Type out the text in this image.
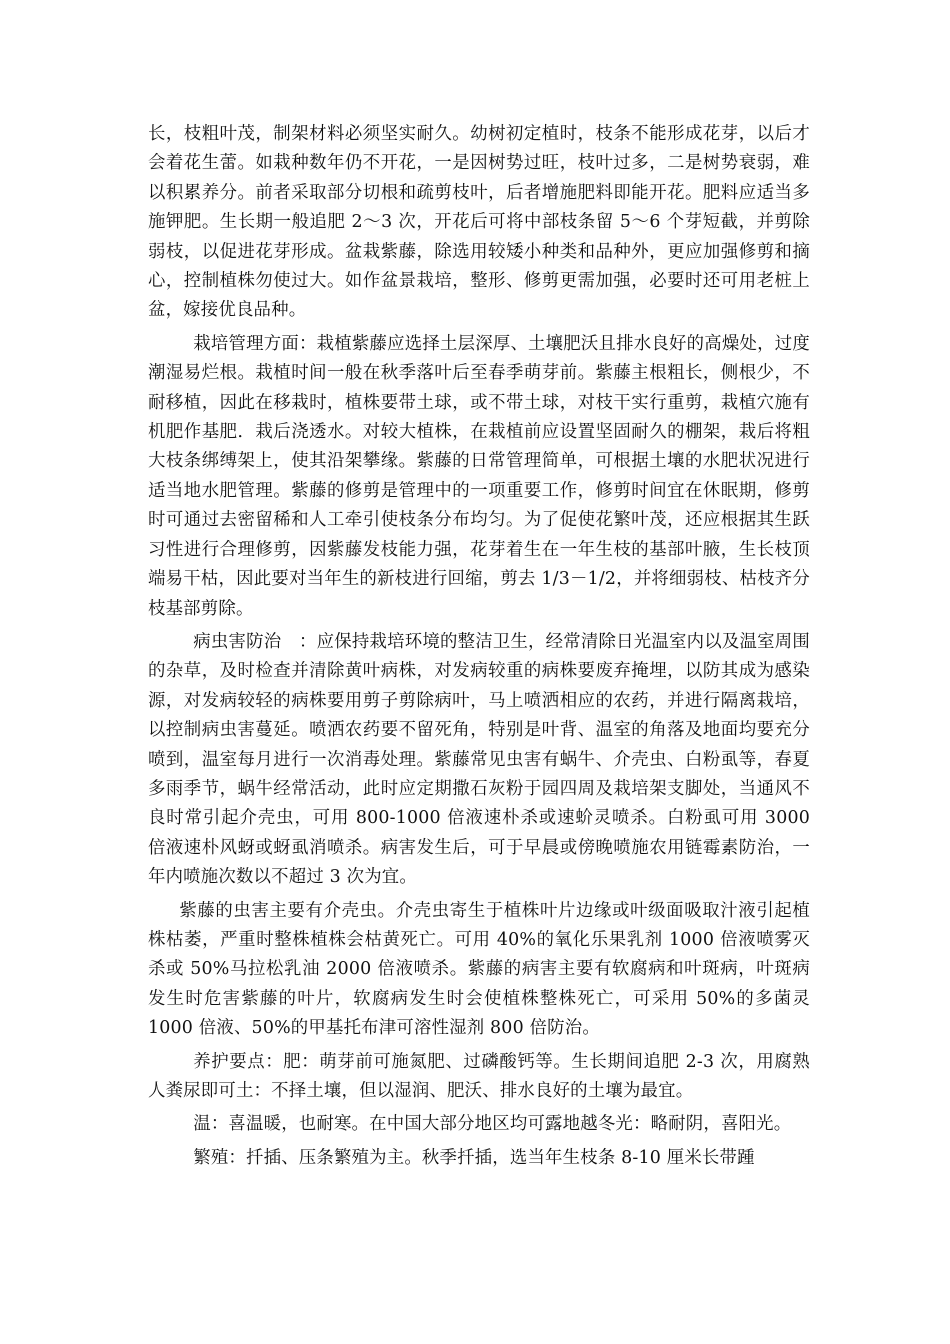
长，枝粗叶茂，制架材料必须坚实耐久。幼树初定植时，枝条不能形成花芽，以后才会着花生蕾。如栽种数年仍不开花，一是因树势过旺，枝叶过多，二是树势衰弱，难以积累养分。前者采取部分切根和疏剪枝叶，后者增施肥料即能开花。肥料应适当多施钾肥。生长期一般追肥 2～3 次，开花后可将中部枝条留 5～6 个芽短截，并剪除弱枝，以促进花芽形成。盆栽紫藤，除选用较矮小种类和品种外，更应加强修剪和摘心，控制植株勿使过大。如作盆景栽培，整形、修剪更需加强，必要时还可用老桩上盆，嫁接优良品种。

栽培管理方面：栽植紫藤应选择土层深厚、土壤肥沃且排水良好的高燥处，过度潮湿易烂根。栽植时间一般在秋季落叶后至春季萌芽前。紫藤主根粗长，侧根少，不耐移植，因此在移栽时，植株要带土球，或不带土球，对枝干实行重剪，栽植穴施有机肥作基肥．栽后浇透水。对较大植株，在栽植前应设置坚固耐久的棚架，栽后将粗大枝条绑缚架上，使其沿架攀缘。紫藤的日常管理简单，可根据土壤的水肥状况进行适当地水肥管理。紫藤的修剪是管理中的一项重要工作，修剪时间宜在休眠期，修剪时可通过去密留稀和人工牵引使枝条分布均匀。为了促使花繁叶茂，还应根据其生跃习性进行合理修剪，因紫藤发枝能力强，花芽着生在一年生枝的基部叶腋，生长枝顶端易干枯，因此要对当年生的新枝进行回缩，剪去 1/3－1/2，并将细弱枝、枯枝齐分枝基部剪除。

病虫害防治　：应保持栽培环境的整洁卫生，经常清除日光温室内以及温室周围的杂草，及时检查并清除黄叶病株，对发病较重的病株要废弃掩埋，以防其成为感染源，对发病较轻的病株要用剪子剪除病叶，马上喷洒相应的农药，并进行隔离栽培，以控制病虫害蔓延。喷洒农药要不留死角，特别是叶背、温室的角落及地面均要充分喷到，温室每月进行一次消毒处理。紫藤常见虫害有蜗牛、介壳虫、白粉虱等，春夏多雨季节，蜗牛经常活动，此时应定期撒石灰粉于园四周及栽培架支脚处，当通风不良时常引起介壳虫，可用 800-1000 倍液速朴杀或速蚧灵喷杀。白粉虱可用 3000 倍液速朴风蚜或蚜虱消喷杀。病害发生后，可于早晨或傍晚喷施农用链霉素防治，一年内喷施次数以不超过 3 次为宜。

紫藤的虫害主要有介壳虫。介壳虫寄生于植株叶片边缘或叶级面吸取汁液引起植株枯萎，严重时整株植株会枯黄死亡。可用 40%的氧化乐果乳剂 1000 倍液喷雾灭杀或 50%马拉松乳油 2000 倍液喷杀。紫藤的病害主要有软腐病和叶斑病，叶斑病发生时危害紫藤的叶片，软腐病发生时会使植株整株死亡，可采用 50%的多菌灵 1000 倍液、50%的甲基托布津可溶性湿剂 800 倍防治。

养护要点：肥：萌芽前可施氮肥、过磷酸钙等。生长期间追肥 2-3 次，用腐熟人粪尿即可土：不择土壤，但以湿润、肥沃、排水良好的土壤为最宜。

温：喜温暖，也耐寒。在中国大部分地区均可露地越冬光：略耐阴，喜阳光。

繁殖：扦插、压条繁殖为主。秋季扦插，选当年生枝条 8-10 厘米长带踵
